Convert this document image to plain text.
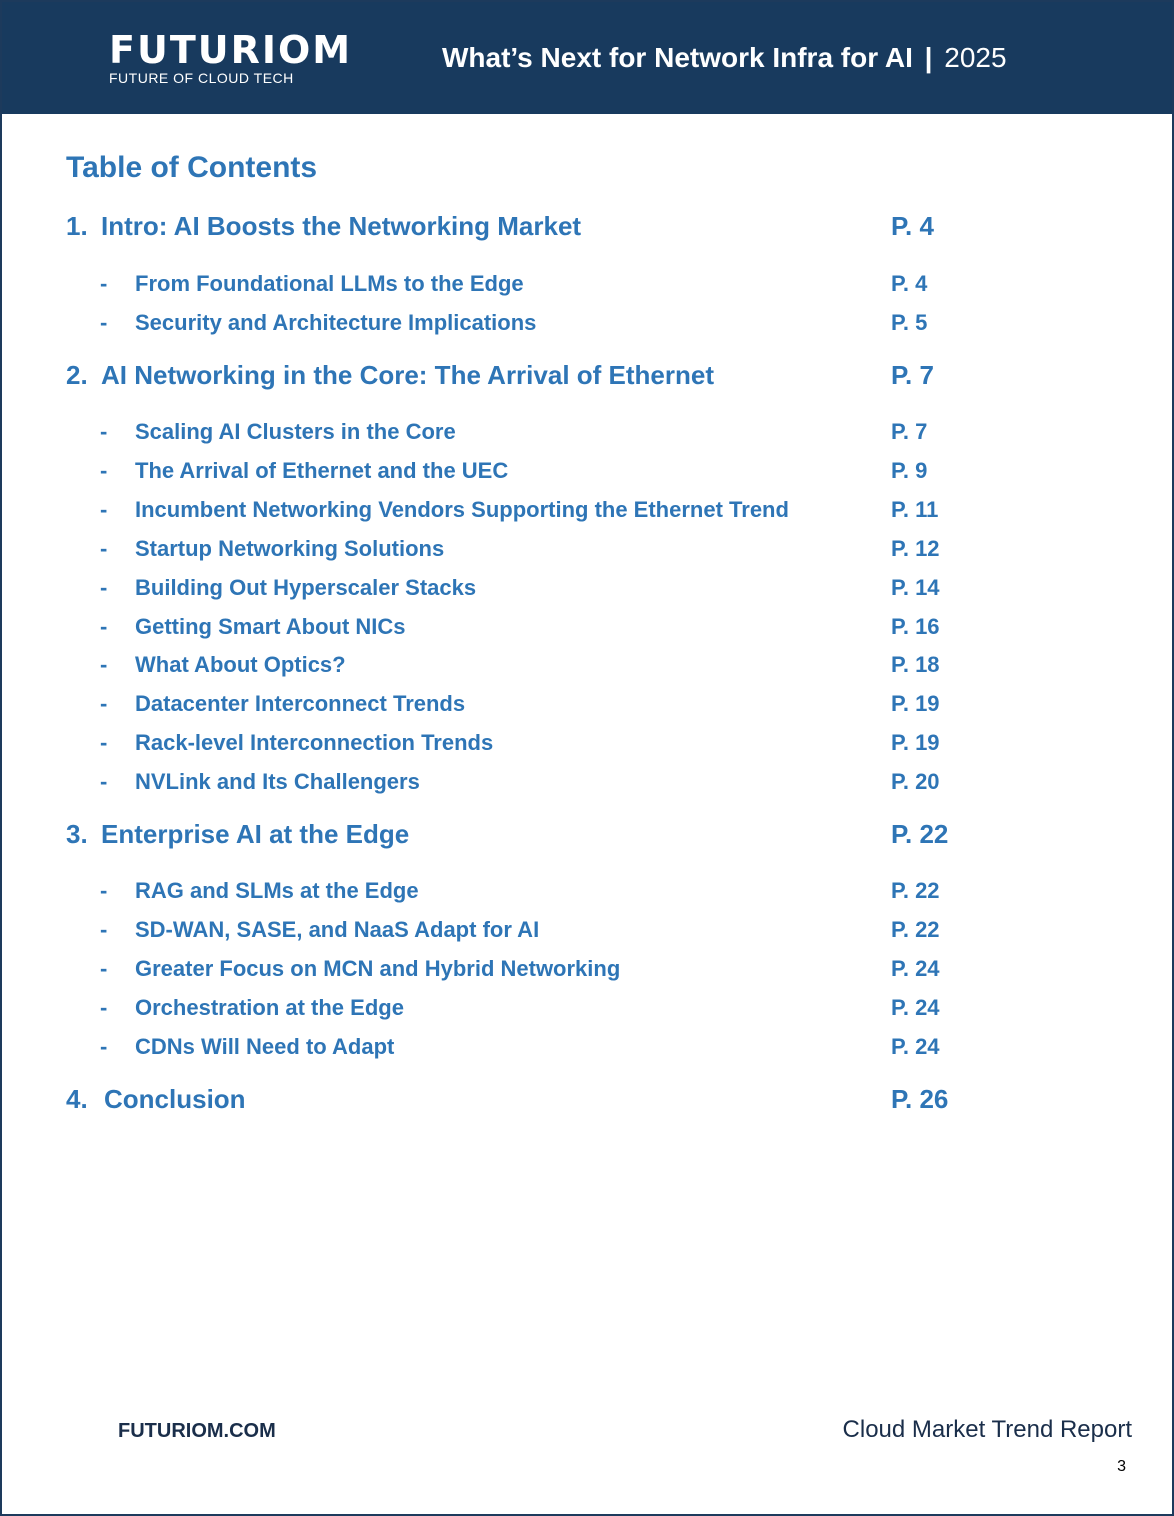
FUTURIOM
FUTURE OF CLOUD TECH
What’s Next for Network Infra for AI | 2025
Table of Contents
1. Intro: AI Boosts the Networking Market	P. 4
- From Foundational LLMs to the Edge	P. 4
- Security and Architecture Implications	P. 5
2. AI Networking in the Core: The Arrival of Ethernet	P. 7
- Scaling AI Clusters in the Core	P. 7
- The Arrival of Ethernet and the UEC	P. 9
- Incumbent Networking Vendors Supporting the Ethernet Trend	P. 11
- Startup Networking Solutions	P. 12
- Building Out Hyperscaler Stacks	P. 14
- Getting Smart About NICs	P. 16
- What About Optics?	P. 18
- Datacenter Interconnect Trends	P. 19
- Rack-level Interconnection Trends	P. 19
- NVLink and Its Challengers	P. 20
3. Enterprise AI at the Edge	P. 22
- RAG and SLMs at the Edge	P. 22
- SD-WAN, SASE, and NaaS Adapt for AI	P. 22
- Greater Focus on MCN and Hybrid Networking	P. 24
- Orchestration at the Edge	P. 24
- CDNs Will Need to Adapt	P. 24
4. Conclusion	P. 26
FUTURIOM.COM	Cloud Market Trend Report
3
